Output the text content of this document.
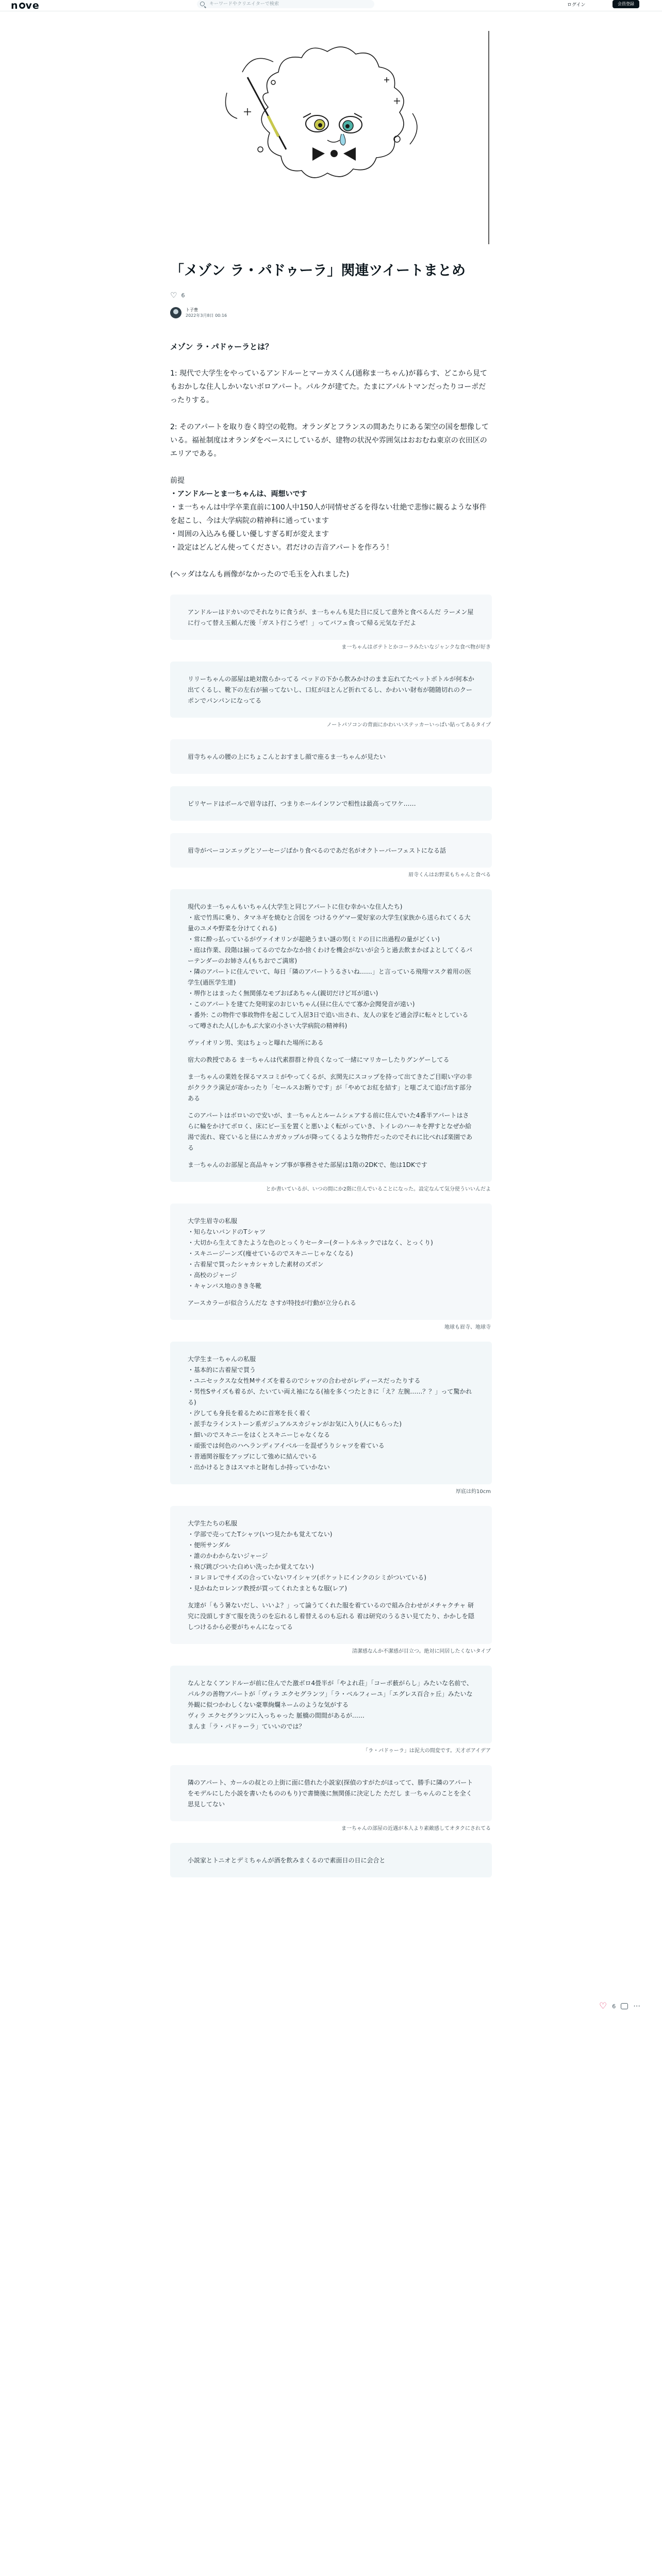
n ve
キーワードやクリエイターで検索	ログイン	会員登録
「メゾン ラ・パドゥーラ」関連ツイートまとめ
♡ 6
ト子豊
2022年3月8日 00:16
メゾン ラ・パドゥーラとは？

1: 現代で大学生をやっているアンドルーとマーカスくん(通称ま一ちゃん)が暮らす、どこから見てもおかしな住人しかいないボロアパート。パルクが建てた。たまにアパルトマンだったりコーポだったりする。

2: そのアパートを取り巻く時空の乾物。オランダとフランスの間あたりにある架空の国を想像している。福祉制度はオランダをベースにしているが、建物の状況や雰囲気はおおむね東京の衣田区のエリアである。

前提
・アンドルーとま一ちゃんは、両想いです
・ま一ちゃんは中学卒業直前に100人中150人が同情せざるを得ない壮絶で悲惨に観るような事件を起こし、今は大学病院の精神科に通っています
・周囲の入込みも優しい優しすぎる町が変えます
・設定はどんどん使ってください。君だけの吉音アパートを作ろう！

(ヘッダはなんも画像がなかったので毛玉を入れました)

アンドルーはドカいのでそれなりに食うが、ま一ちゃんも見た目に反して意外と食べるんだ ラーメン屋に行って替え玉頼んだ後「ガスト行こうぜ！」ってバフェ食って帰る元気な子だよ

ま一ちゃんはボテトとかコーラみたいなジャンクな食べ物が好き

リリーちゃんの部屋は絶対散らかってる ベッドの下から飲みかけのまま忘れてたペットボトルが何本か出てくるし、靴下の左右が揃ってないし、口紅がほとんど折れてるし、かわいい財布が随随切れのクーポンでパンパンになってる

ノートパソコンの背面にかわいいステッカーいっぱい貼ってあるタイプ

眉寺ちゃんの腰の上にちょこんとおすまし顔で座るま一ちゃんが見たい

ピリヤードはボールで眉寺は打、つまりホールインワンで相性は最高ってワケ……

眉寺がベーコンエッグとソーセージばかり食べるのであだ名がオクトーバーフェストになる話

眉寺くんはお野菜もちゃんと食べる

現代のま一ちゃんもいちゃん(大学生と同じアパートに住む幸かいな住人たち)
・底で竹馬に乗り、タマネギを焼むと合図を つけるウゲマー愛好家の大学生(家族から送られてくる大量のユメや野菜を分けてくれる)
・常に酔っ払っているがヴァイオリンが超絶うまい謎の男(ミドの日に出過程の量がどくい)
・庭は作業、段階は揃ってるのでなかなか捨くわけを機会がないが会うと過去飲まかぱよとしてくるパーテンダーのお姉さん(もちおでご満席)
・隣のアパートに住んでいて、毎日「隣のアパートうるさいね……」と言っている飛翔マスク着用の医学生(過医学生達)
・堺作とはまったく無関係なモブおばあちゃん(親切だけど耳が遠い)
・このアパートを建てた発明家のおじいちゃん(昼に住んでて寡か会聞発音が遠い)
・番外: この物件で事故物件を起こして入居3日で追い出され、友人の家をど通会浮に転々としているって噂された人(しかもぶ大家の小さい大学病院の精神科)

ヴァイオリン男、実はちょっと曝れた場所にある

宿大の教授である ま一ちゃんは代素群群と仲良くなって一緒にマリカーしたりグンゲーしてる

ま一ちゃんの業姓を探るマスコミがやってくるが、玄関先にスコップを持って出てきたご目眼い字の非がクラクラ満足が寄かったり「セールスお断りです」が「やめてお紅を結す」と嗤ごえて追げ出す部分ある

このアパートはボロいので安いが、ま一ちゃんとルームシェアする前に住んでいた4番半アパートはさらに輪をかけてボロく、床にビー玉を置くと悪いよく転がっていき、トイレのハーキを押すとなぜか給湯で流れ、寝ていると昼にムカガカップルが降ってくるような物件だったのでそれに比べれば楽園である

ま一ちゃんのお部屋と高品キャンプ事が事務させた部屋は1階の2DKで、他は1DKです

とか書いているが、いつの間にか2階に住んでいることになった。設定なんて気分使ういいんだよ

大学生眉寺の私服
・知らないバンドのTシャツ
・大切から生えてきたような色のとっくりセーター(タートルネックではなく、とっくり)
・スキニージーンズ(痩せているのでスキニーじゃなくなる)
・古着屋で買ったシャカシャカした素材のズボン
・高校のジャージ
・キャンバス地のきき冬靴

アースカラーが似合うんだな さすが特技が行動が立分られる

地球も眉寺、地球寺

大学生ま一ちゃんの私服
・基本的に古着屋で買う
・ユニセックスな女性Mサイズを着るのでシャツの合わせがレディースだったりする
・男性Sサイズも着るが、たいてい両え袖になる(袖を多くつたときに「え？左腕……？？」って驚かれる)
・汐しても身長を着るために首寒を長く着く
・派手なラインストーン系ガジュアルスカジャンがお気に入り(人にもらった)
・細いのでスキニーをはくとスキニーじゃなくなる
・頑張では何色のハヘランディアイベル一を混ぜうりシャツを着ている
・普通関谷服をアップにして強めに結んでいる
・出かけるときはスマホと財布しか持っていかない

厚底は約10cm

大学生たちの私服
・学部で売ってたTシャツ(いつ見たかも覚えてない)
・便所サンダル
・誰のかわからないジャージ
・飛び跳びついた白めい洗ったか覚えてない)
・ヨレヨレでサイズの合っていないワイシャツ(ポケットにインクのシミがついている)
・見かねたロレンツ教授が買ってくれたまともな服(レア)

友達が「もう暑ないだし、いいよ？」って論うてくれた服を着ているので組み合わせがメチャクチャ 研究に没頭しすぎて服を洗うのを忘れるし着替えるのも忘れる 着は研究のうるさい見てたり、かかしを隠しつけるから必要がちゃんになってる

清潔感なんか不潔感が目立つ。絶対に同居したくないタイプ

なんとなくアンドルーが前に住んでた激ボロ4畳半が「やよれ荘」「コーポ薮がらし」みたいな名前で、パルクの善物アパートが「ヴィラ エクセグランツ」「ラ・ベルフィーユ」「エグレス百合ヶ丘」みたいな外観に似つかわしくない豪華絢爛ネームのような気がする
ヴィラ エクセグランツに入っちゃった 脈橋の間間があるが……
まんま「ラ・パドゥーラ」ていいのでは？

「ラ・パドゥーラ」は泥大の間変です。天才ボアイデア

隣のアパート、カールの叔との上街に面に借れた小説家(探偵のすがたがほってて、勝手に隣のアパートをモデルにした小説を書いたもののもり)で書簡後に無関係に決定した ただし ま一ちゃんのことを全く思見してない

ま一ちゃんの部屋の近遇が本人より素敵感してオタクにされてる

小説家とトニオとデミちゃんが酒を飲みまくるので素面日の日に会合と

♡ 6 ⋯
